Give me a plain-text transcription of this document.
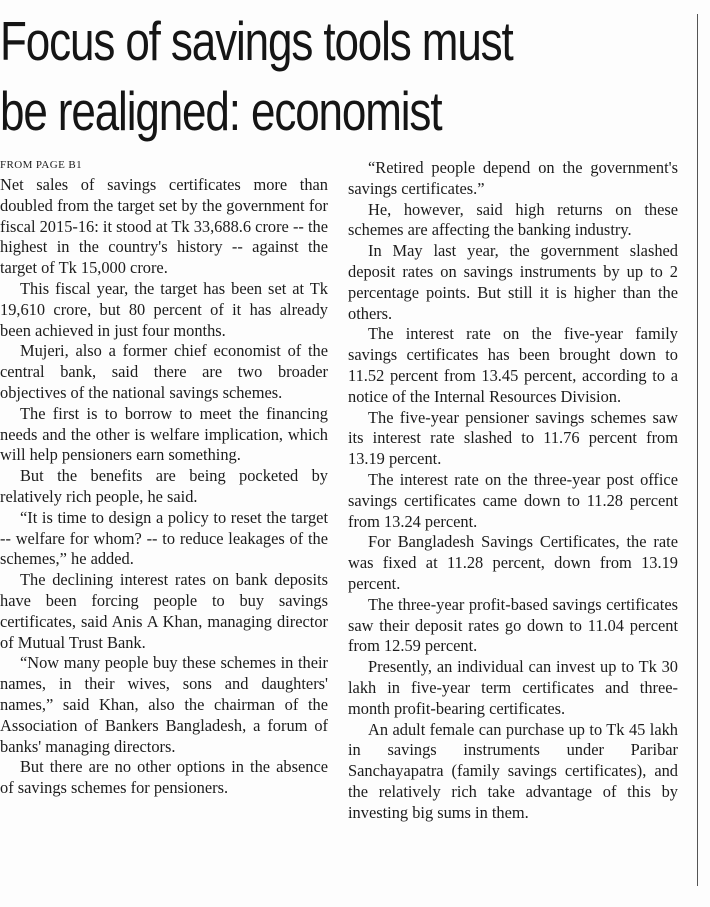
Focus of savings tools must
be realigned: economist
FROM PAGE B1

Net sales of savings certificates more than doubled from the target set by the government for fiscal 2015-16: it stood at Tk 33,688.6 crore -- the highest in the country's history -- against the target of Tk 15,000 crore.

This fiscal year, the target has been set at Tk 19,610 crore, but 80 percent of it has already been achieved in just four months.

Mujeri, also a former chief economist of the central bank, said there are two broader objectives of the national savings schemes.

The first is to borrow to meet the financing needs and the other is welfare implication, which will help pensioners earn something.

But the benefits are being pocketed by relatively rich people, he said.

“It is time to design a policy to reset the target -- welfare for whom? -- to reduce leakages of the schemes,” he added.

The declining interest rates on bank deposits have been forcing people to buy savings certificates, said Anis A Khan, managing director of Mutual Trust Bank.

“Now many people buy these schemes in their names, in their wives, sons and daughters' names,” said Khan, also the chairman of the Association of Bankers Bangladesh, a forum of banks' managing directors.

But there are no other options in the absence of savings schemes for pensioners.

“Retired people depend on the government's savings certificates.”

He, however, said high returns on these schemes are affecting the banking industry.

In May last year, the government slashed deposit rates on savings instruments by up to 2 percentage points. But still it is higher than the others.

The interest rate on the five-year family savings certificates has been brought down to 11.52 percent from 13.45 percent, according to a notice of the Internal Resources Division.

The five-year pensioner savings schemes saw its interest rate slashed to 11.76 percent from 13.19 percent.

The interest rate on the three-year post office savings certificates came down to 11.28 percent from 13.24 percent.

For Bangladesh Savings Certificates, the rate was fixed at 11.28 percent, down from 13.19 percent.

The three-year profit-based savings certificates saw their deposit rates go down to 11.04 percent from 12.59 percent.

Presently, an individual can invest up to Tk 30 lakh in five-year term certificates and three-month profit-bearing certificates.

An adult female can purchase up to Tk 45 lakh in savings instruments under Paribar Sanchayapatra (family savings certificates), and the relatively rich take advantage of this by investing big sums in them.
